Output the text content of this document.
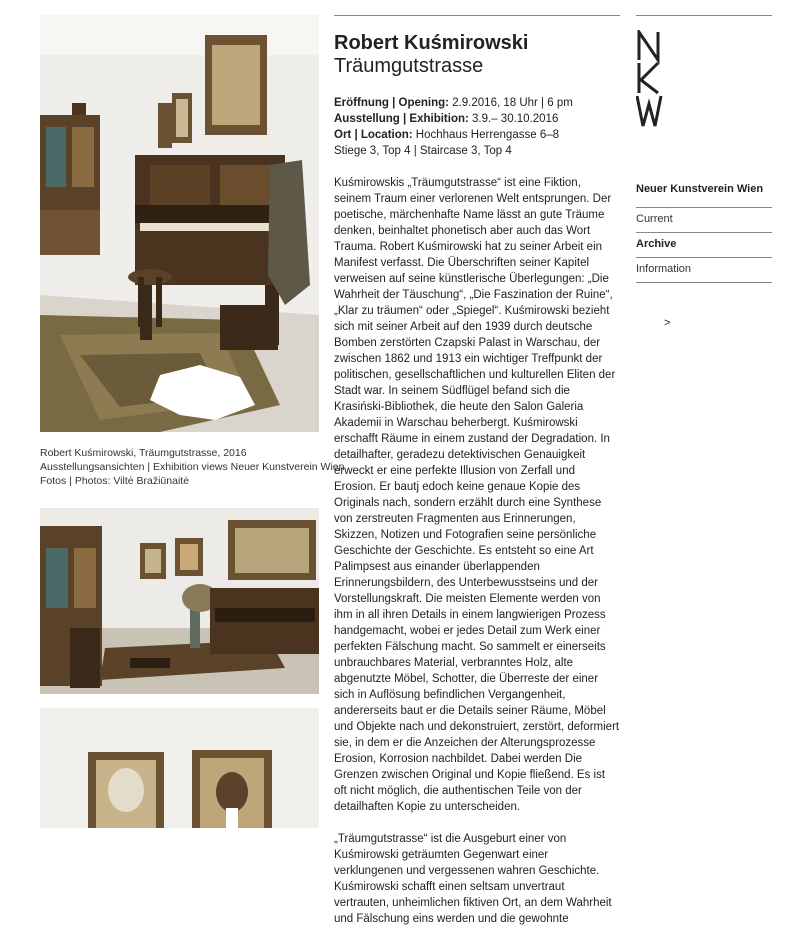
Robert Kuśmirowski, Träumgutstrasse, 2016
Ausstellungsansichten | Exhibition views Neuer Kunstverein Wien
Fotos | Photos: Viltė Bražiūnaitė
Robert Kuśmirowski
Träumgutstrasse
Eröffnung | Opening: 2.9.2016, 18 Uhr | 6 pm
Ausstellung | Exhibition: 3.9.– 30.10.2016
Ort | Location: Hochhaus Herrengasse 6–8
Stiege 3, Top 4 | Staircase 3, Top 4

Kuśmirowskis „Träumgutstrasse“ ist eine Fiktion, seinem Traum einer verlorenen Welt entsprungen. Der poetische, märchenhafte Name lässt an gute Träume denken, beinhaltet phonetisch aber auch das Wort Trauma. Robert Kuśmirowski hat zu seiner Arbeit ein Manifest verfasst. Die Überschriften seiner Kapitel verweisen auf seine künstlerische Überlegungen: „Die Wahrheit der Täuschung“, „Die Faszination der Ruine“, „Klar zu träumen“ oder „Spiegel“. Kuśmirowski bezieht sich mit seiner Arbeit auf den 1939 durch deutsche Bomben zerstörten Czapski Palast in Warschau, der zwischen 1862 und 1913 ein wichtiger Treffpunkt der politischen, gesellschaftlichen und kulturellen Eliten der Stadt war. In seinem Südflügel befand sich die Krasiński-Bibliothek, die heute den Salon Galeria Akademii in Warschau beherbergt. Kuśmirowski erschafft Räume in einem zustand der Degradation. In detailhafter, geradezu detektivischen Genauigkeit erweckt er eine perfekte Illusion von Zerfall und Erosion. Er bautj edoch keine genaue Kopie des Originals nach, sondern erzählt durch eine Synthese von zerstreuten Fragmenten aus Erinnerungen, Skizzen, Notizen und Fotografien seine persönliche Geschichte der Geschichte. Es entsteht so eine Art Palimpsest aus einander überlappenden Erinnerungsbildern, des Unterbewusstseins und der Vorstellungskraft. Die meisten Elemente werden von ihm in all ihren Details in einem langwierigen Prozess handgemacht, wobei er jedes Detail zum Werk einer perfekten Fälschung macht. So sammelt er einerseits unbrauchbares Material, verbranntes Holz, alte abgenutzte Möbel, Schotter, die Überreste der einer sich in Auflösung befindlichen Vergangenheit, andererseits baut er die Details seiner Räume, Möbel und Objekte nach und dekonstruiert, zerstört, deformiert sie, in dem er die Anzeichen der Alterungsprozesse Erosion, Korrosion nachbildet. Dabei werden Die Grenzen zwischen Original und Kopie fließend. Es ist oft nicht möglich, die authentischen Teile von der detailhaften Kopie zu unterscheiden.

„Träumgutstrasse“ ist die Ausgeburt einer von Kuśmirowski geträumten Gegenwart einer verklungenen und vergessenen wahren Geschichte. Kuśmirowski schafft einen seltsam unvertraut vertrauten, unheimlichen fiktiven Ort, an dem Wahrheit und Fälschung eins werden und die gewohnte

Neuer Kunstverein Wien
Current
Archive
Information
>
